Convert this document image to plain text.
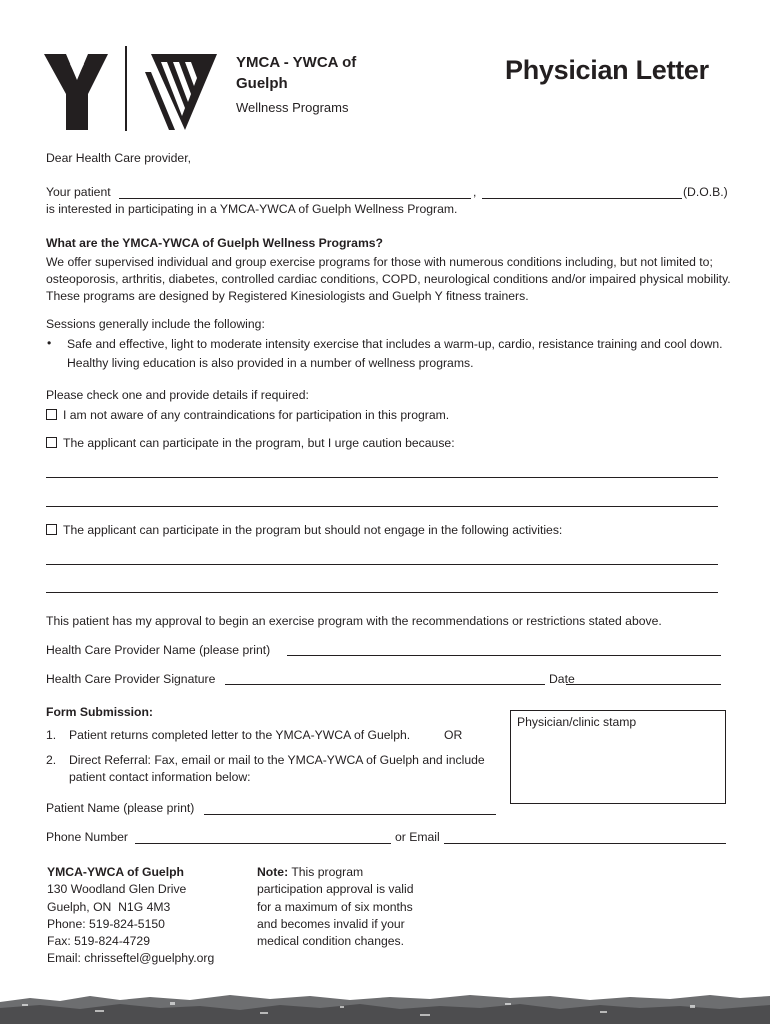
YMCA - YWCA of Guelph
Wellness Programs
Physician Letter
Dear Health Care provider,
Your patient	,	(D.O.B.)
is interested in participating in a YMCA-YWCA of Guelph Wellness Program.
What are the YMCA-YWCA of Guelph Wellness Programs?
We offer supervised individual and group exercise programs for those with numerous conditions including, but not limited to; osteoporosis, arthritis, diabetes, controlled cardiac conditions, COPD, neurological conditions and/or impaired physical mobility. These programs are designed by Registered Kinesiologists and Guelph Y fitness trainers.
Sessions generally include the following:
• Safe and effective, light to moderate intensity exercise that includes a warm-up, cardio, resistance training and cool down. Healthy living education is also provided in a number of wellness programs.
Please check one and provide details if required:
I am not aware of any contraindications for participation in this program.
The applicant can participate in the program, but I urge caution because:
The applicant can participate in the program but should not engage in the following activities:
This patient has my approval to begin an exercise program with the recommendations or restrictions stated above.
Health Care Provider Name (please print)
Health Care Provider Signature	Date
Form Submission:
1. Patient returns completed letter to the YMCA-YWCA of Guelph.	OR
2. Direct Referral: Fax, email or mail to the YMCA-YWCA of Guelph and include patient contact information below:
Physician/clinic stamp
Patient Name (please print)
Phone Number	or Email
YMCA-YWCA of Guelph
130 Woodland Glen Drive
Guelph, ON  N1G 4M3
Phone: 519-824-5150
Fax: 519-824-4729
Email: chrisseftel@guelphy.org
Note: This program participation approval is valid for a maximum of six months and becomes invalid if your medical condition changes.
